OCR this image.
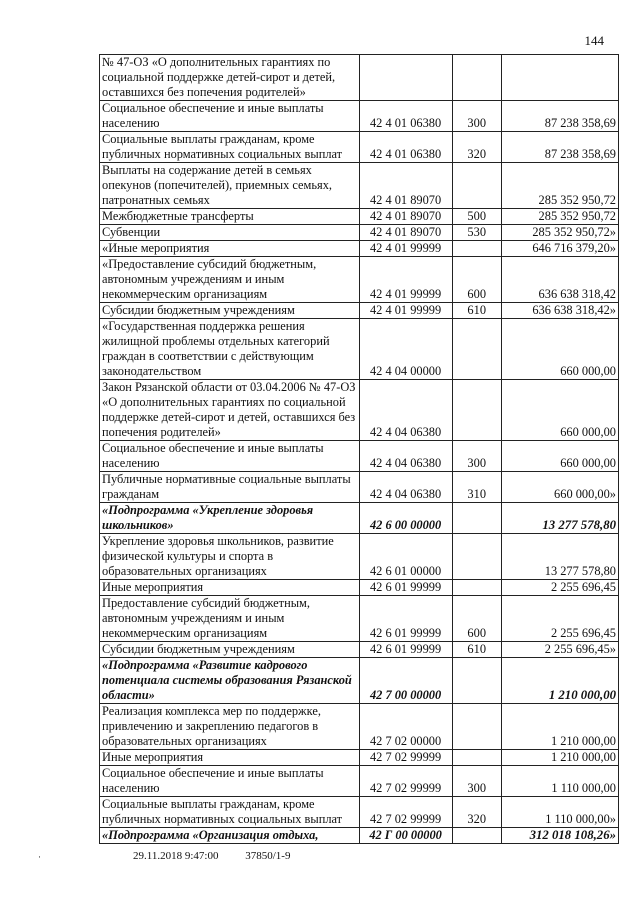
144
№ 47-ОЗ «О дополнительных гарантиях по социальной поддержке детей-сирот и детей, оставшихся без попечения родителей»			
Социальное обеспечение и иные выплаты населению	42 4 01 06380	300	87 238 358,69
Социальные выплаты гражданам, кроме публичных нормативных социальных выплат	42 4 01 06380	320	87 238 358,69
Выплаты на содержание детей в семьях опекунов (попечителей), приемных семьях, патронатных семьях	42 4 01 89070		285 352 950,72
Межбюджетные трансферты	42 4 01 89070	500	285 352 950,72
Субвенции	42 4 01 89070	530	285 352 950,72»
«Иные мероприятия	42 4 01 99999		646 716 379,20»
«Предоставление субсидий бюджетным, автономным учреждениям и иным некоммерческим организациям	42 4 01 99999	600	636 638 318,42
Субсидии бюджетным учреждениям	42 4 01 99999	610	636 638 318,42»
«Государственная поддержка решения жилищной проблемы отдельных категорий граждан в соответствии с действующим законодательством	42 4 04 00000		660 000,00
Закон Рязанской области от 03.04.2006 № 47-ОЗ «О дополнительных гарантиях по социальной поддержке детей-сирот и детей, оставшихся без попечения родителей»	42 4 04 06380		660 000,00
Социальное обеспечение и иные выплаты населению	42 4 04 06380	300	660 000,00
Публичные нормативные социальные выплаты гражданам	42 4 04 06380	310	660 000,00»
«Подпрограмма «Укрепление здоровья школьников»	42 6 00 00000		13 277 578,80
Укрепление здоровья школьников, развитие физической культуры и спорта в образовательных организациях	42 6 01 00000		13 277 578,80
Иные мероприятия	42 6 01 99999		2 255 696,45
Предоставление субсидий бюджетным, автономным учреждениям и иным некоммерческим организациям	42 6 01 99999	600	2 255 696,45
Субсидии бюджетным учреждениям	42 6 01 99999	610	2 255 696,45»
«Подпрограмма «Развитие кадрового потенциала системы образования Рязанской области»	42 7 00 00000		1 210 000,00
Реализация комплекса мер по поддержке, привлечению и закреплению педагогов в образовательных организациях	42 7 02 00000		1 210 000,00
Иные мероприятия	42 7 02 99999		1 210 000,00
Социальное обеспечение и иные выплаты населению	42 7 02 99999	300	1 110 000,00
Социальные выплаты гражданам, кроме публичных нормативных социальных выплат	42 7 02 99999	320	1 110 000,00»
«Подпрограмма «Организация отдыха,	42 Г 00 00000		312 018 108,26»
29.11.2018 9:47:00 37850/1-9
·
